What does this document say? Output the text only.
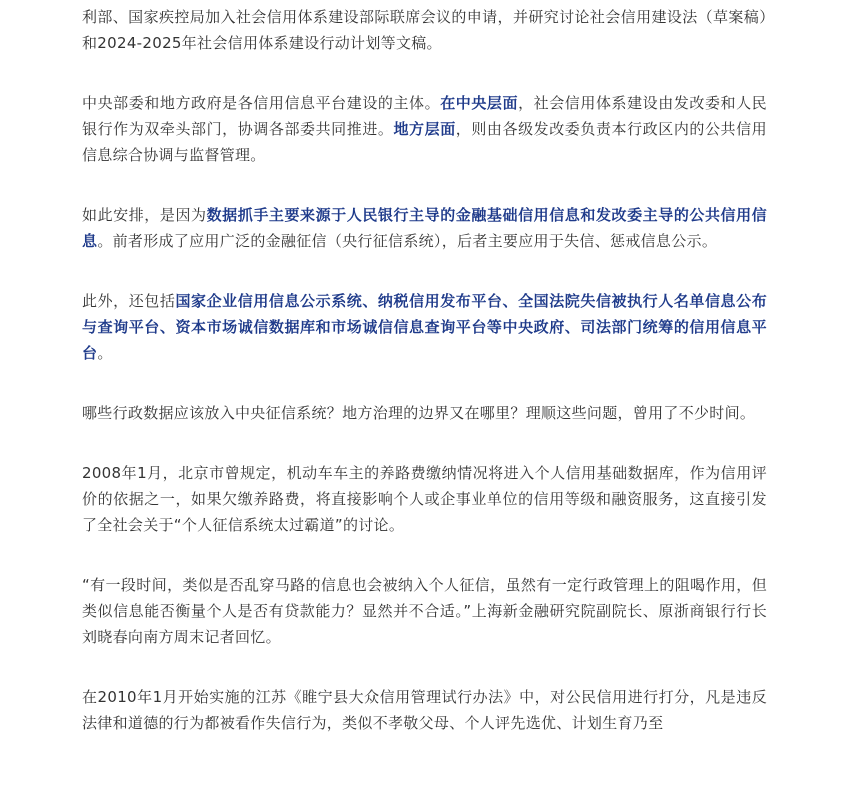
利部、国家疾控局加入社会信用体系建设部际联席会议的申请，并研究讨论社会信用建设法（草案稿）和2024-2025年社会信用体系建设行动计划等文稿。

中央部委和地方政府是各信用信息平台建设的主体。在中央层面，社会信用体系建设由发改委和人民银行作为双牵头部门，协调各部委共同推进。地方层面，则由各级发改委负责本行政区内的公共信用信息综合协调与监督管理。

如此安排，是因为数据抓手主要来源于人民银行主导的金融基础信用信息和发改委主导的公共信用信息。前者形成了应用广泛的金融征信（央行征信系统），后者主要应用于失信、惩戒信息公示。

此外，还包括国家企业信用信息公示系统、纳税信用发布平台、全国法院失信被执行人名单信息公布与查询平台、资本市场诚信数据库和市场诚信信息查询平台等中央政府、司法部门统筹的信用信息平台。

哪些行政数据应该放入中央征信系统？地方治理的边界又在哪里？理顺这些问题，曾用了不少时间。

2008年1月，北京市曾规定，机动车车主的养路费缴纳情况将进入个人信用基础数据库，作为信用评价的依据之一，如果欠缴养路费，将直接影响个人或企事业单位的信用等级和融资服务，这直接引发了全社会关于“个人征信系统太过霸道”的讨论。

“有一段时间，类似是否乱穿马路的信息也会被纳入个人征信，虽然有一定行政管理上的阻喝作用，但类似信息能否衡量个人是否有贷款能力？显然并不合适。”上海新金融研究院副院长、原浙商银行行长刘晓春向南方周末记者回忆。

在2010年1月开始实施的江苏《睢宁县大众信用管理试行办法》中，对公民信用进行打分，凡是违反法律和道德的行为都被看作失信行为，类似不孝敬父母、个人评先选优、计划生育乃至
